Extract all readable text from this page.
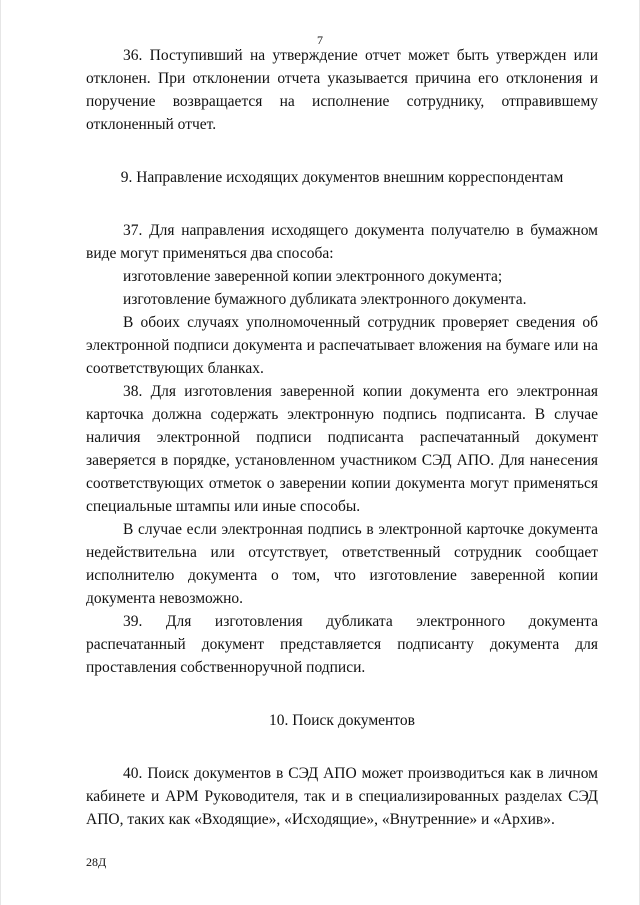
7

36. Поступивший на утверждение отчет может быть утвержден или отклонен. При отклонении отчета указывается причина его отклонения и поручение возвращается на исполнение сотруднику, отправившему отклоненный отчет.

9. Направление исходящих документов внешним корреспондентам

37. Для направления исходящего документа получателю в бумажном виде могут применяться два способа:

изготовление заверенной копии электронного документа;

изготовление бумажного дубликата электронного документа.

В обоих случаях уполномоченный сотрудник проверяет сведения об электронной подписи документа и распечатывает вложения на бумаге или на соответствующих бланках.

38. Для изготовления заверенной копии документа его электронная карточка должна содержать электронную подпись подписанта. В случае наличия электронной подписи подписанта распечатанный документ заверяется в порядке, установленном участником СЭД АПО. Для нанесения соответствующих отметок о заверении копии документа могут применяться специальные штампы или иные способы.

В случае если электронная подпись в электронной карточке документа недействительна или отсутствует, ответственный сотрудник сообщает исполнителю документа о том, что изготовление заверенной копии документа невозможно.

39. Для изготовления дубликата электронного документа распечатанный документ представляется подписанту документа для проставления собственноручной подписи.

10. Поиск документов

40. Поиск документов в СЭД АПО может производиться как в личном кабинете и АРМ Руководителя, так и в специализированных разделах СЭД АПО, таких как «Входящие», «Исходящие», «Внутренние» и «Архив».

28Д
